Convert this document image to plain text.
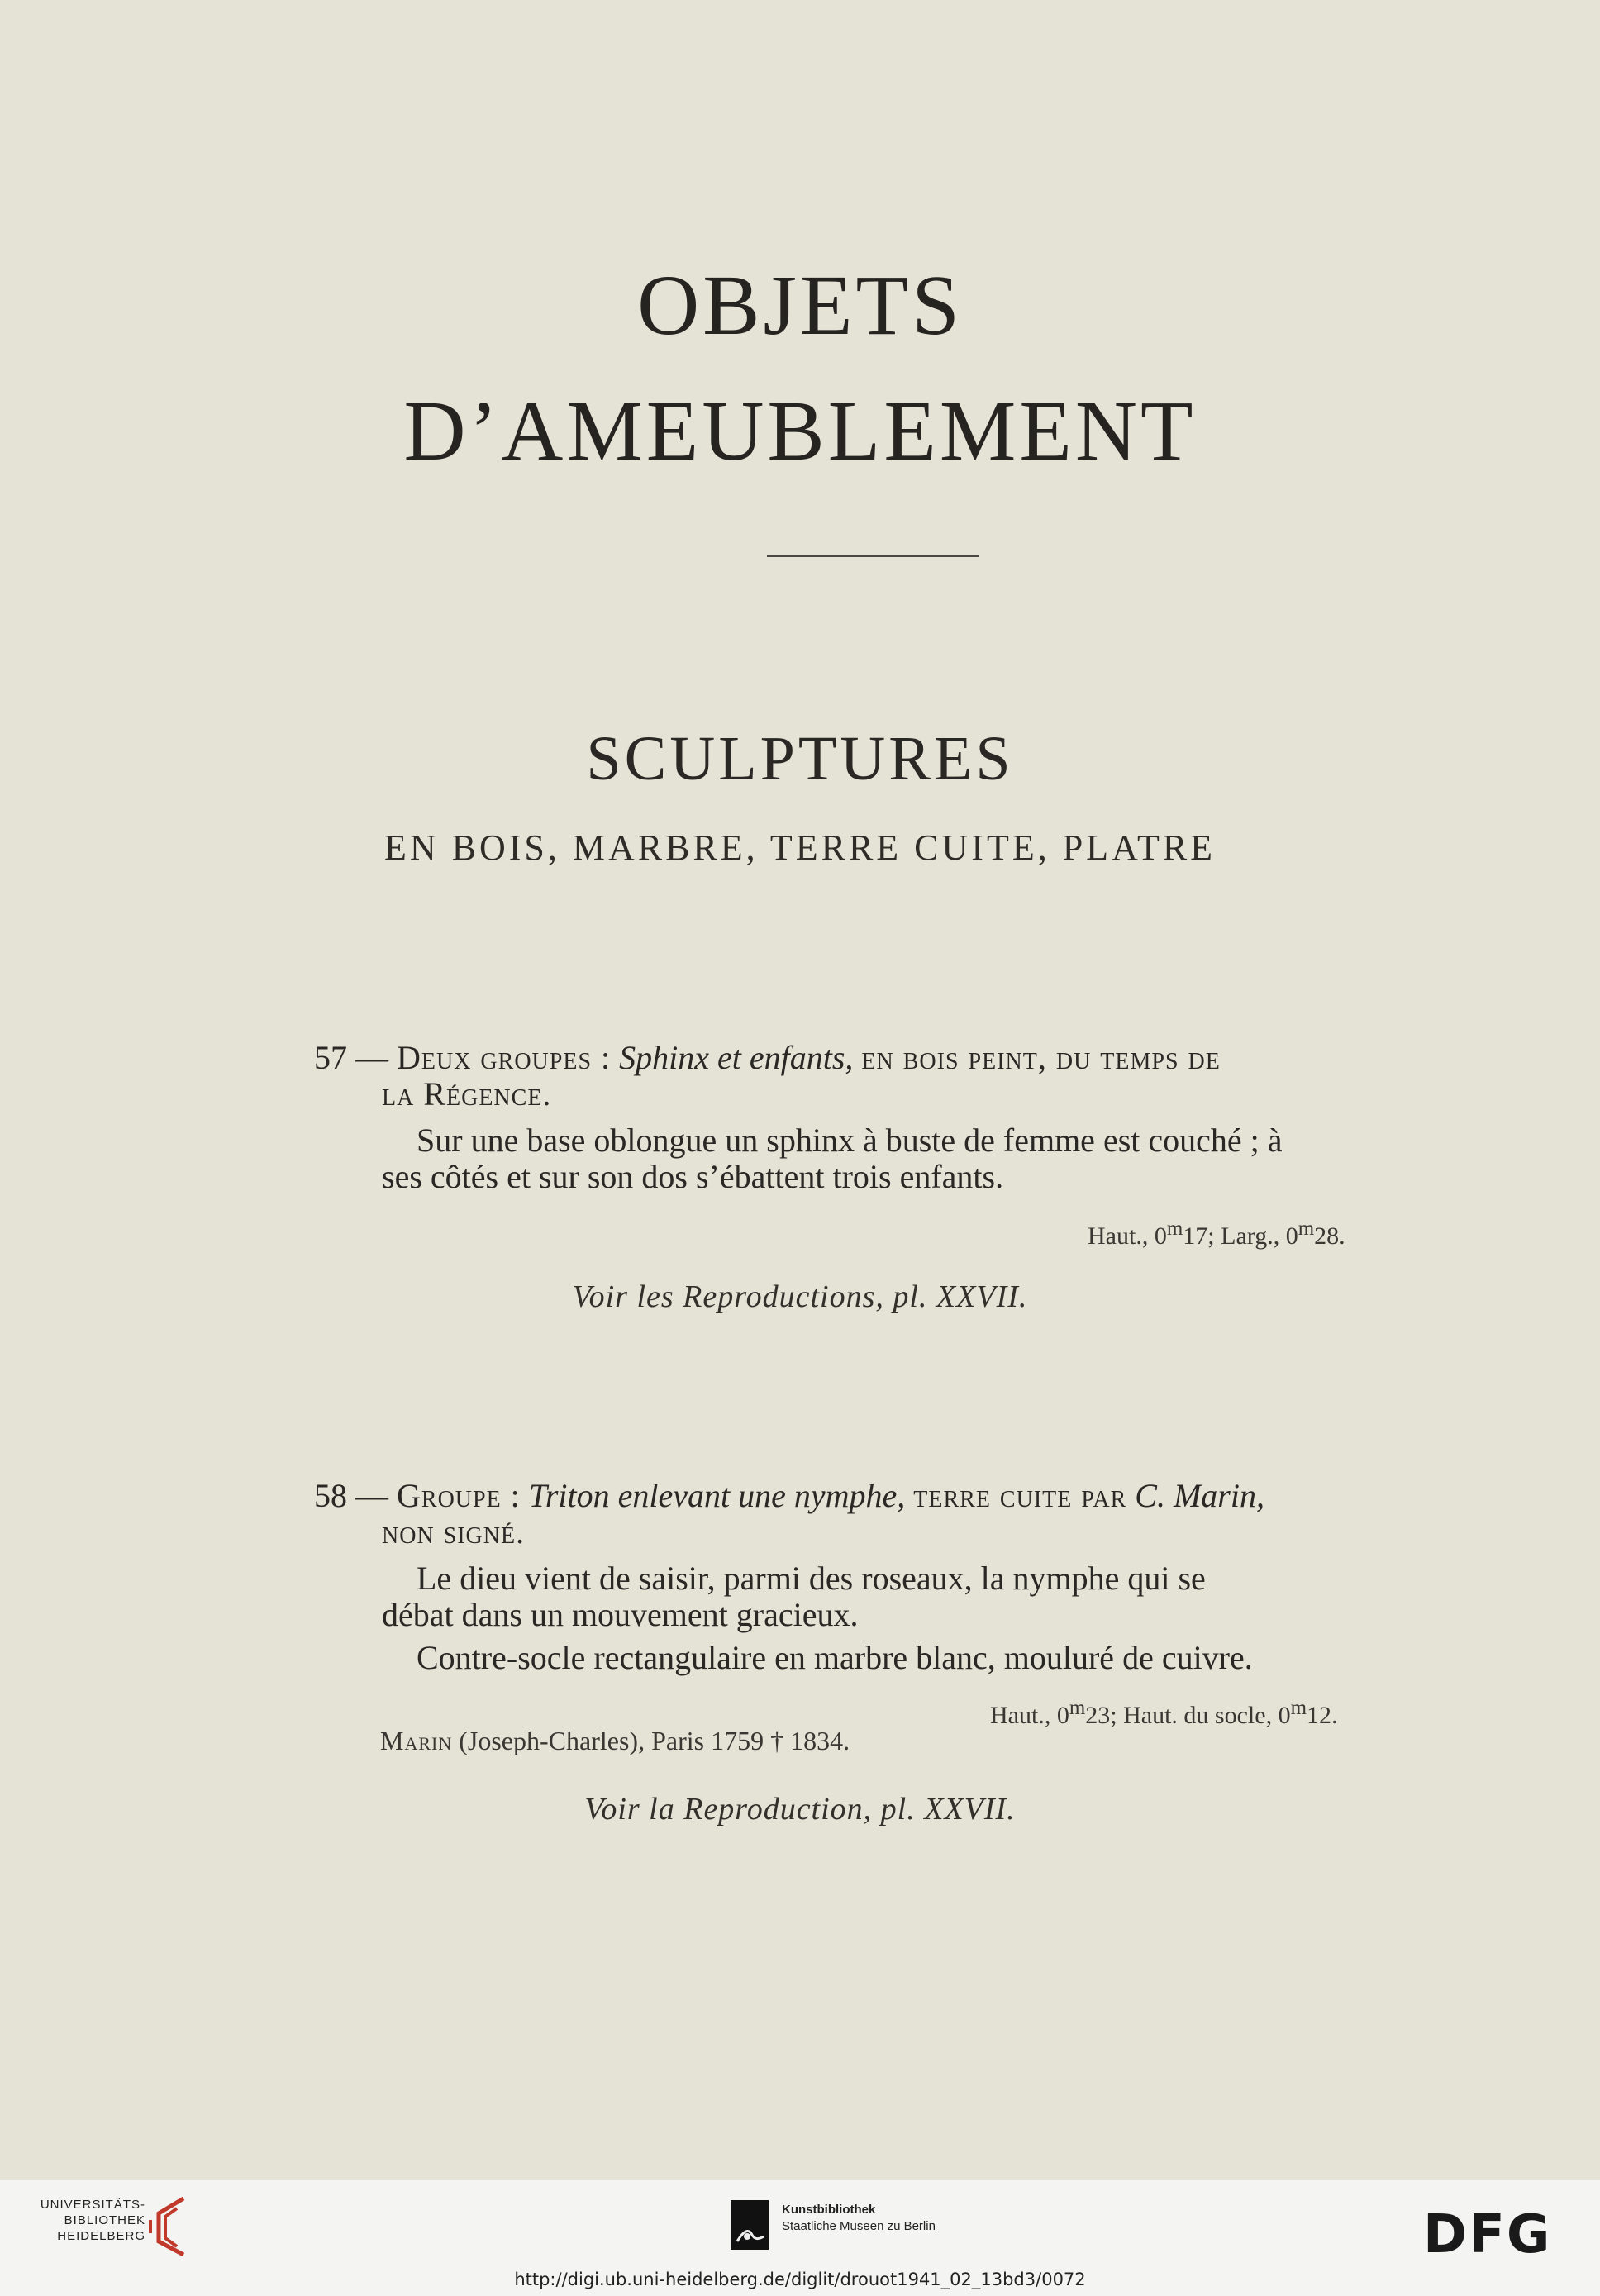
OBJETS
D’AMEUBLEMENT
SCULPTURES
EN BOIS, MARBRE, TERRE CUITE, PLATRE
57 — Deux groupes : Sphinx et enfants, en bois peint, du temps de
la Régence.
Sur une base oblongue un sphinx à buste de femme est couché ; à
ses côtés et sur son dos s’ébattent trois enfants.
Haut., 0$^m$17; Larg., 0$^m$28.
Voir les Reproductions, pl. XXVII.
58 — Groupe : Triton enlevant une nymphe, terre cuite par C. Marin,
non signé.
Le dieu vient de saisir, parmi des roseaux, la nymphe qui se
débat dans un mouvement gracieux.
Contre-socle rectangulaire en marbre blanc, mouluré de cuivre.
Haut., 0$^m$23; Haut. du socle, 0$^m$12.
Marin (Joseph-Charles), Paris 1759 † 1834.
Voir la Reproduction, pl. XXVII.
UNIVERSITÄTS-
BIBLIOTHEK
HEIDELBERG
Kunstbibliothek
Staatliche Museen zu Berlin	DFG
http://digi.ub.uni-heidelberg.de/diglit/drouot1941_02_13bd3/0072
